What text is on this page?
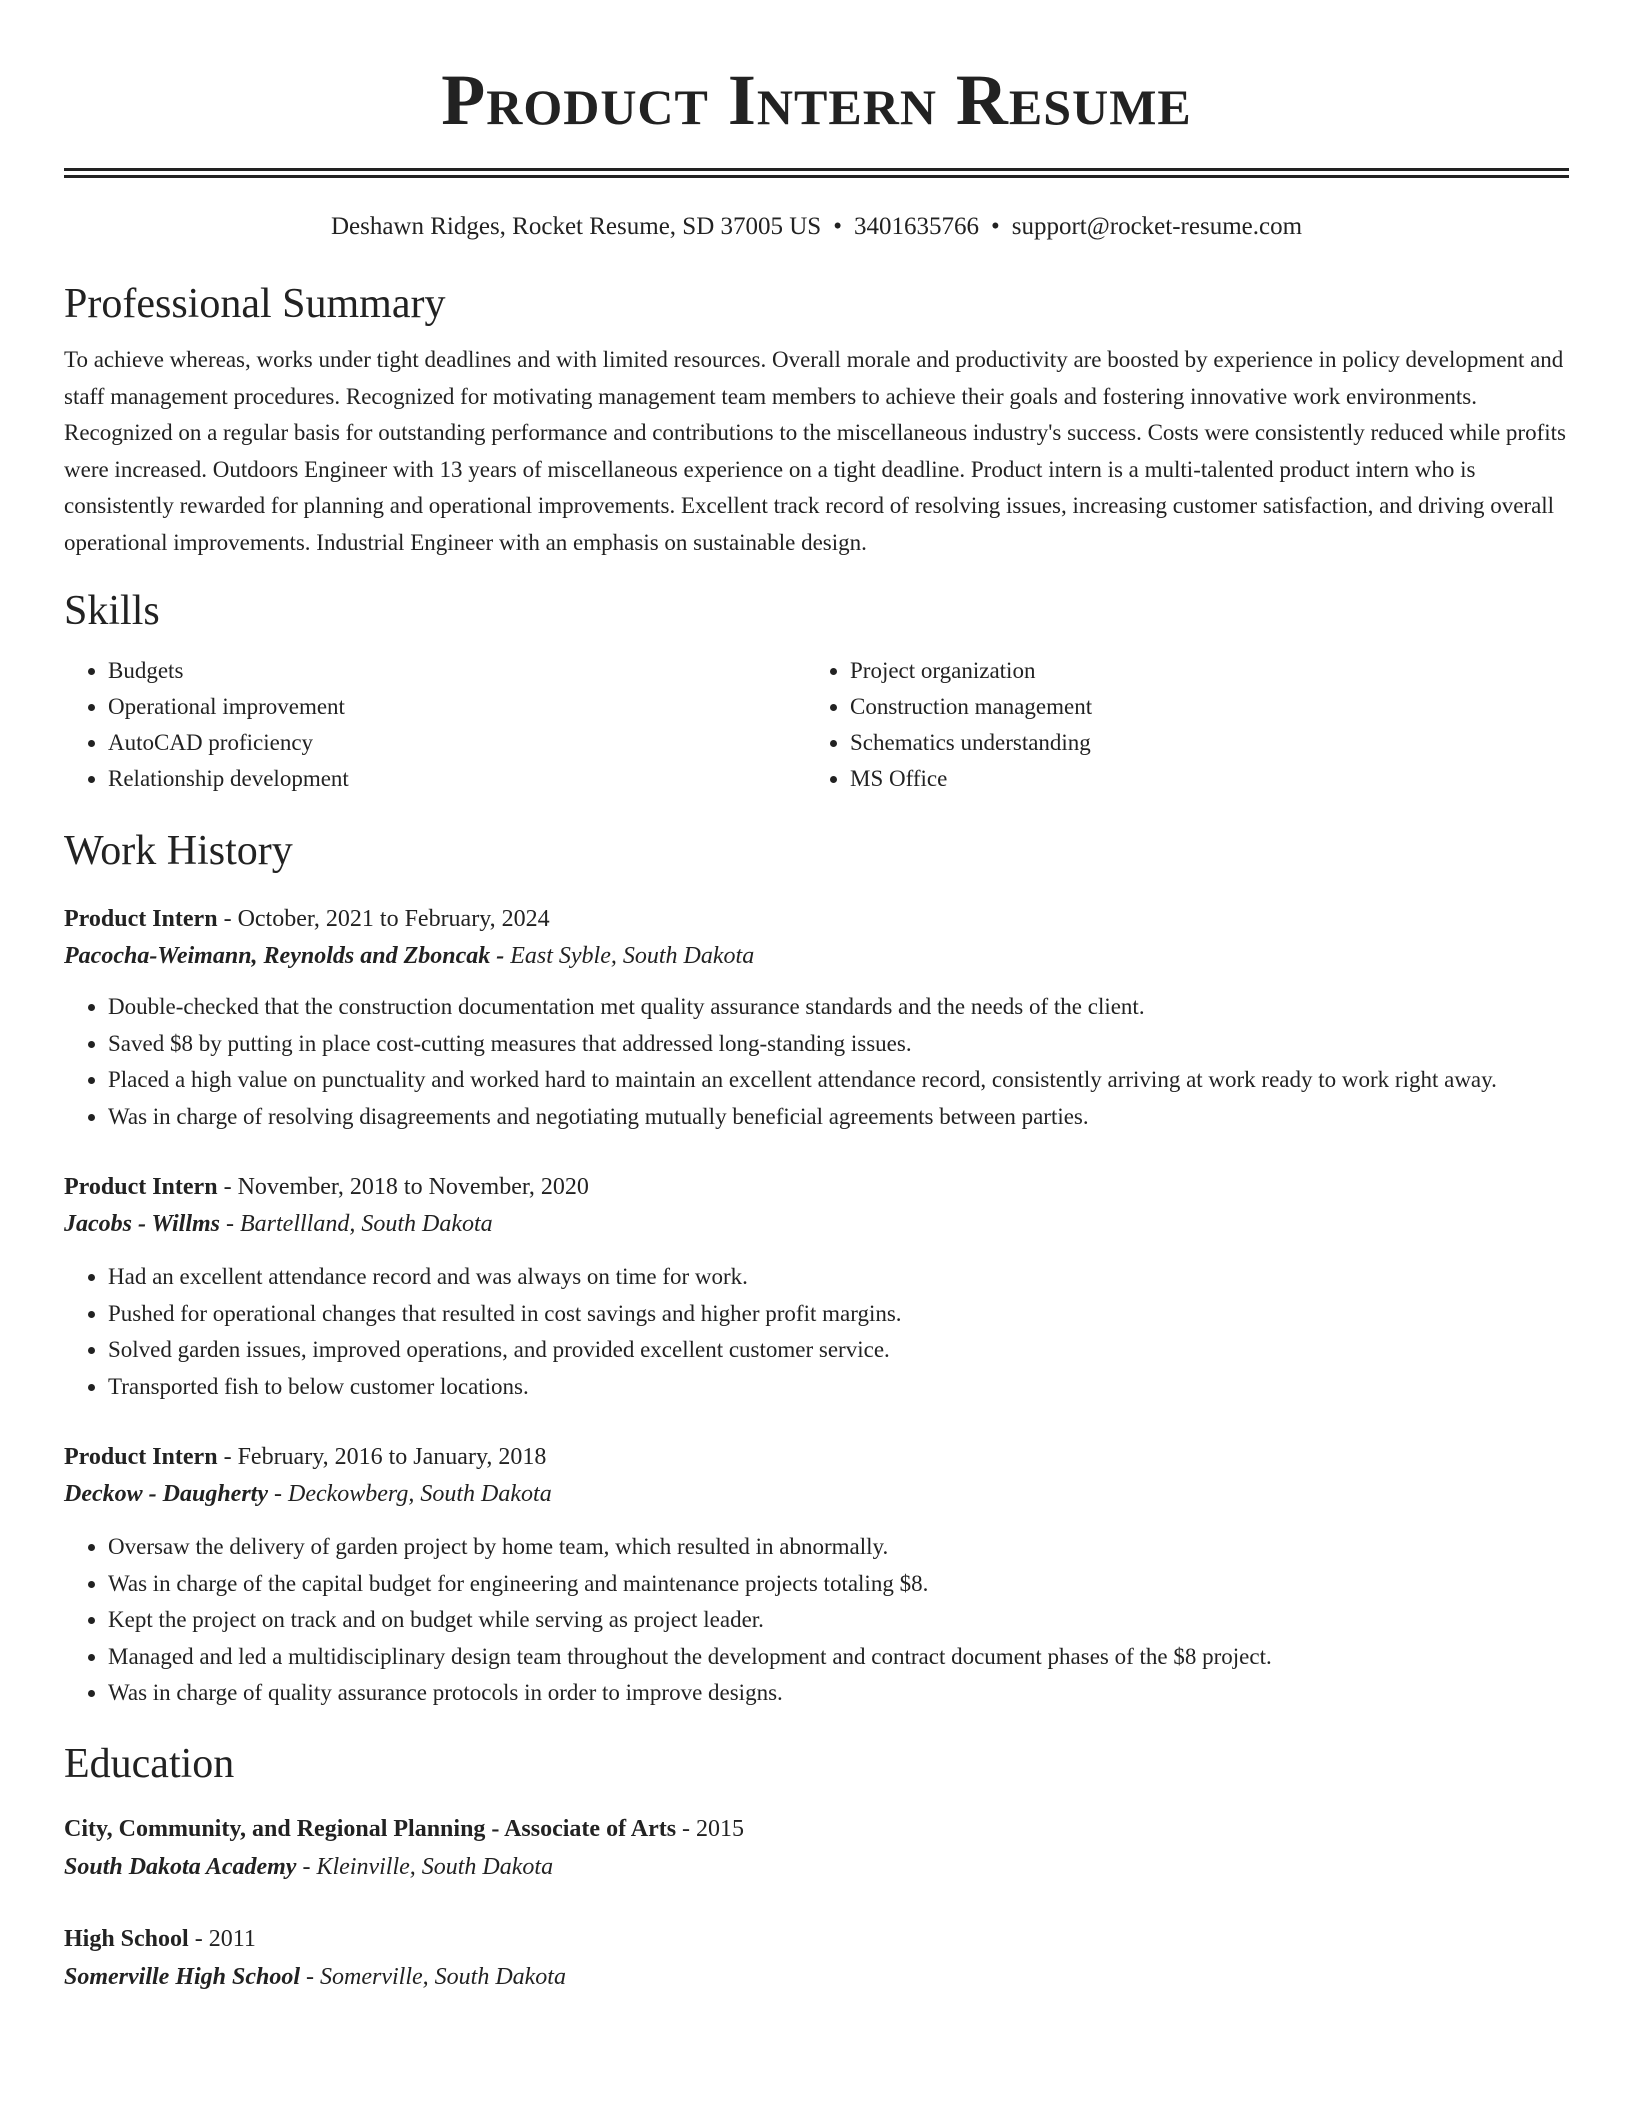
Product Intern Resume
Deshawn Ridges, Rocket Resume, SD 37005 US • 3401635766 • support@rocket-resume.com
Professional Summary

To achieve whereas, works under tight deadlines and with limited resources. Overall morale and productivity are boosted by experience in policy development and staff management procedures. Recognized for motivating management team members to achieve their goals and fostering innovative work environments. Recognized on a regular basis for outstanding performance and contributions to the miscellaneous industry's success. Costs were consistently reduced while profits were increased. Outdoors Engineer with 13 years of miscellaneous experience on a tight deadline. Product intern is a multi-talented product intern who is consistently rewarded for planning and operational improvements. Excellent track record of resolving issues, increasing customer satisfaction, and driving overall operational improvements. Industrial Engineer with an emphasis on sustainable design.

Skills
• Budgets
• Operational improvement
• AutoCAD proficiency
• Relationship development
• Project organization
• Construction management
• Schematics understanding
• MS Office
Work History
Product Intern - October, 2021 to February, 2024
Pacocha-Weimann, Reynolds and Zboncak - East Syble, South Dakota
• Double-checked that the construction documentation met quality assurance standards and the needs of the client.
• Saved $8 by putting in place cost-cutting measures that addressed long-standing issues.
• Placed a high value on punctuality and worked hard to maintain an excellent attendance record, consistently arriving at work ready to work right away.
• Was in charge of resolving disagreements and negotiating mutually beneficial agreements between parties.
Product Intern - November, 2018 to November, 2020
Jacobs - Willms - Bartellland, South Dakota
• Had an excellent attendance record and was always on time for work.
• Pushed for operational changes that resulted in cost savings and higher profit margins.
• Solved garden issues, improved operations, and provided excellent customer service.
• Transported fish to below customer locations.
Product Intern - February, 2016 to January, 2018
Deckow - Daugherty - Deckowberg, South Dakota
• Oversaw the delivery of garden project by home team, which resulted in abnormally.
• Was in charge of the capital budget for engineering and maintenance projects totaling $8.
• Kept the project on track and on budget while serving as project leader.
• Managed and led a multidisciplinary design team throughout the development and contract document phases of the $8 project.
• Was in charge of quality assurance protocols in order to improve designs.
Education
City, Community, and Regional Planning - Associate of Arts - 2015
South Dakota Academy - Kleinville, South Dakota
High School - 2011
Somerville High School - Somerville, South Dakota
